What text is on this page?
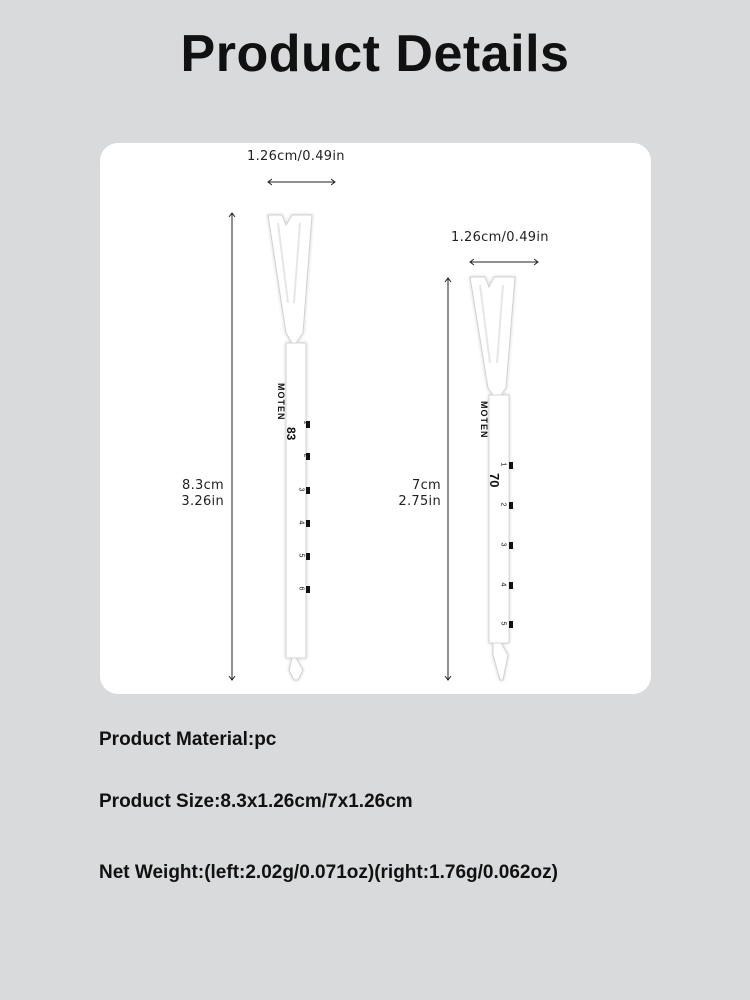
Product Details
MOTEN
83	MOTEN
70
1
2
3
4
5
6
1
2
3
4
5
1.26cm/0.49in
8.3cm
3.26in
1.26cm/0.49in
7cm
2.75in
Product Material:pc
Product Size:8.3x1.26cm/7x1.26cm
Net Weight:(left:2.02g/0.071oz)(right:1.76g/0.062oz)
